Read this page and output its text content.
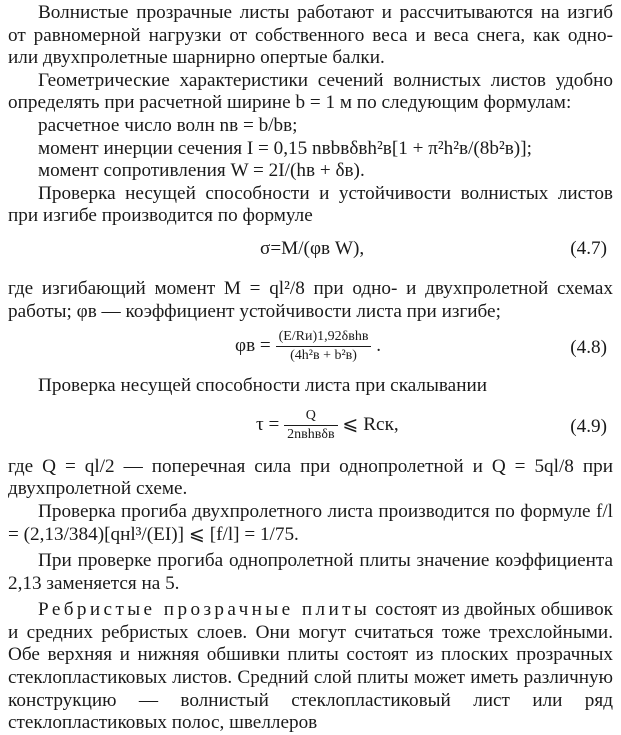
Волнистые прозрачные листы работают и рассчитываются на изгиб от равномерной нагрузки от собственного веса и веса снега, как одно- или двухпролетные шарнирно опертые балки.

Геометрические характеристики сечений волнистых листов удобно определять при расчетной ширине b = 1 м по следующим формулам:

расчетное число волн nв = b/bв;

момент инерции сечения I = 0,15 nвbвδвh²в[1 + π²h²в/(8b²в)];

момент сопротивления W = 2I/(hв + δв).

Проверка несущей способности и устойчивости волнистых листов при изгибе производится по формуле

σ=M/(φв W),	(4.7)

где изгибающий момент M = ql²/8 при одно- и двухпролетной схемах работы; φв — коэффициент устойчивости листа при изгибе;

$\varphi в = \frac{\text{(E/Rи)1,92δвhв}}{\text{(4h²в + b²в)}}$ .	(4.8)

Проверка несущей способности листа при скалывании

$\tau = \frac{Q}{\text{2nвhвδв}}$ ⩽ Rск,	(4.9)

где Q = ql/2 — поперечная сила при однопролетной и Q = 5ql/8 при двухпролетной схеме.

Проверка прогиба двухпролетного листа производится по формуле f/l = (2,13/384)[qнl³/(EI)] ⩽ [f/l] = 1/75.

При проверке прогиба однопролетной плиты значение коэффициента 2,13 заменяется на 5.

Ребристые прозрачные плиты состоят из двойных обшивок и средних ребристых слоев. Они могут считаться тоже трехслойными. Обе верхняя и нижняя обшивки плиты состоят из плоских прозрачных стеклопластиковых листов. Средний слой плиты может иметь различную конструкцию — волнистый стеклопластиковый лист или ряд стеклопластиковых полос, швеллеров
